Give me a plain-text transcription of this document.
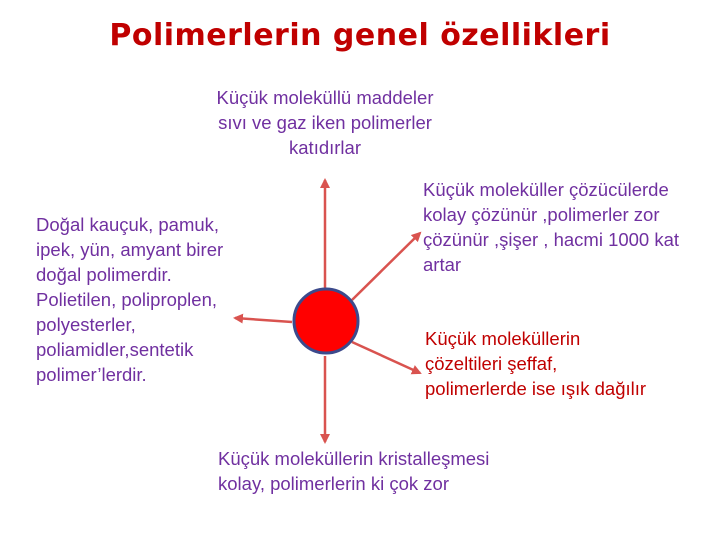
Polimerlerin genel özellikleri
Küçük moleküllü maddeler
sıvı ve gaz iken polimerler
katıdırlar
Küçük moleküller çözücülerde
kolay çözünür ,polimerler zor
çözünür ,şişer , hacmi 1000 kat
artar
Küçük moleküllerin
çözeltileri şeffaf,
polimerlerde ise ışık dağılır
Doğal kauçuk, pamuk,
ipek, yün, amyant birer
doğal polimerdir.
Polietilen, poliproplen,
polyesterler,
poliamidler,sentetik
polimer’lerdir.
Küçük moleküllerin kristalleşmesi
kolay, polimerlerin ki çok zor
